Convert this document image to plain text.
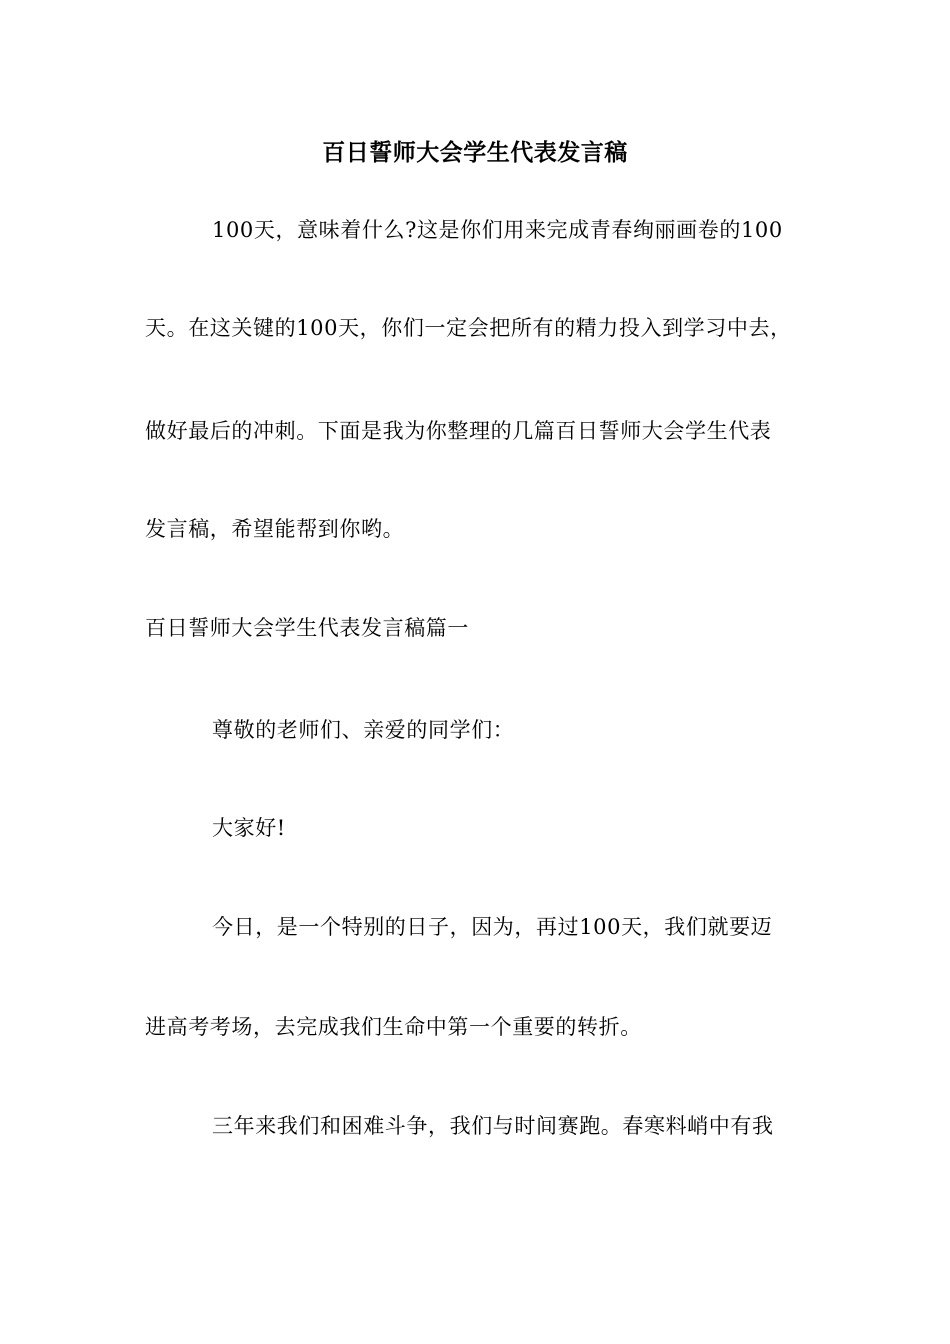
百日誓师大会学生代表发言稿
100天，意味着什么?这是你们用来完成青春绚丽画卷的100
天。在这关键的100天，你们一定会把所有的精力投入到学习中去，
做好最后的冲刺。下面是我为你整理的几篇百日誓师大会学生代表
发言稿，希望能帮到你哟。
百日誓师大会学生代表发言稿篇一
尊敬的老师们、亲爱的同学们：
大家好!
今日，是一个特别的日子，因为，再过100天，我们就要迈
进高考考场，去完成我们生命中第一个重要的转折。
三年来我们和困难斗争，我们与时间赛跑。春寒料峭中有我
